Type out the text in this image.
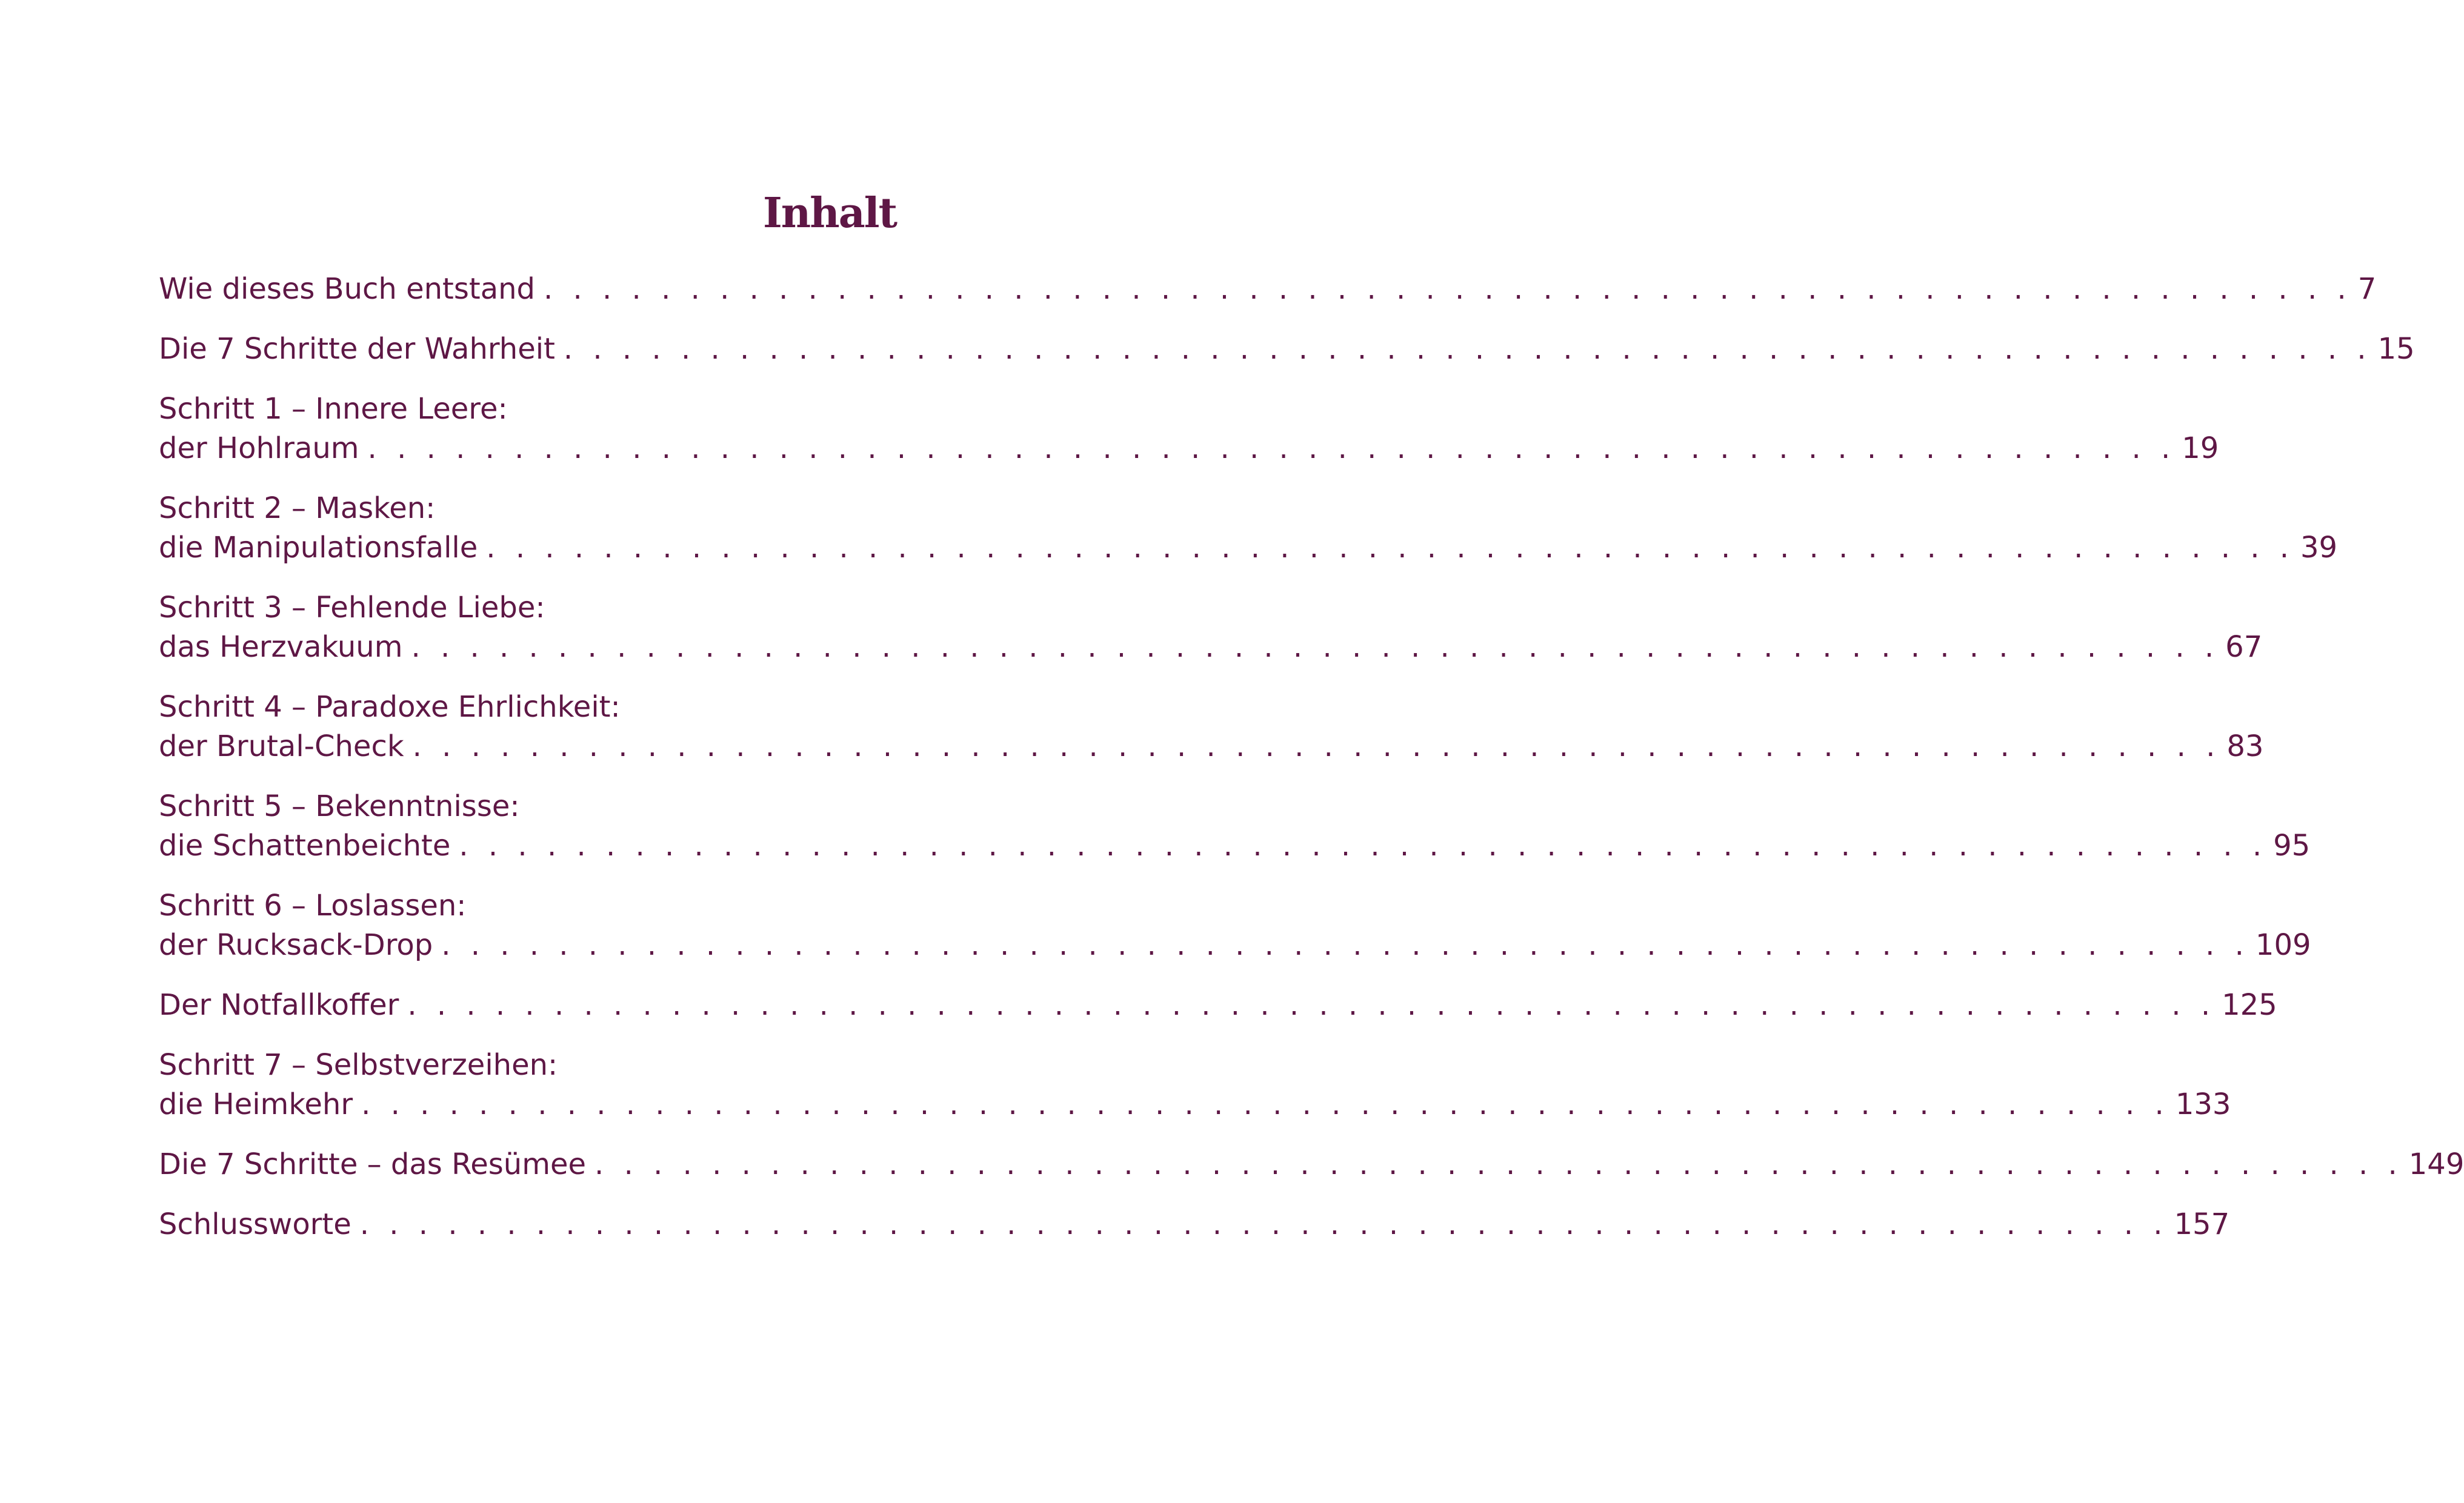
Inhalt
Wie dieses Buch entstand . . . . . . . . . . . . . . . . . . . . . . . . . . . . . . . . . . . . . . . . . . . . . . . . . . . . . . . . . . . . . . 7
Die 7 Schritte der Wahrheit . . . . . . . . . . . . . . . . . . . . . . . . . . . . . . . . . . . . . . . . . . . . . . . . . . . . . . . . . . . . . . 15
Schritt 1 – Innere Leere:
der Hohlraum . . . . . . . . . . . . . . . . . . . . . . . . . . . . . . . . . . . . . . . . . . . . . . . . . . . . . . . . . . . . . . 19
Schritt 2 – Masken:
die Manipulationsfalle . . . . . . . . . . . . . . . . . . . . . . . . . . . . . . . . . . . . . . . . . . . . . . . . . . . . . . . . . . . . . . 39
Schritt 3 – Fehlende Liebe:
das Herzvakuum . . . . . . . . . . . . . . . . . . . . . . . . . . . . . . . . . . . . . . . . . . . . . . . . . . . . . . . . . . . . . . 67
Schritt 4 – Paradoxe Ehrlichkeit:
der Brutal-Check . . . . . . . . . . . . . . . . . . . . . . . . . . . . . . . . . . . . . . . . . . . . . . . . . . . . . . . . . . . . . . 83
Schritt 5 – Bekenntnisse:
die Schattenbeichte . . . . . . . . . . . . . . . . . . . . . . . . . . . . . . . . . . . . . . . . . . . . . . . . . . . . . . . . . . . . . . 95
Schritt 6 – Loslassen:
der Rucksack-Drop . . . . . . . . . . . . . . . . . . . . . . . . . . . . . . . . . . . . . . . . . . . . . . . . . . . . . . . . . . . . . . 109
Der Notfallkoffer . . . . . . . . . . . . . . . . . . . . . . . . . . . . . . . . . . . . . . . . . . . . . . . . . . . . . . . . . . . . . . 125
Schritt 7 – Selbstverzeihen:
die Heimkehr . . . . . . . . . . . . . . . . . . . . . . . . . . . . . . . . . . . . . . . . . . . . . . . . . . . . . . . . . . . . . . 133
Die 7 Schritte – das Resümee . . . . . . . . . . . . . . . . . . . . . . . . . . . . . . . . . . . . . . . . . . . . . . . . . . . . . . . . . . . . . . 149
Schlussworte . . . . . . . . . . . . . . . . . . . . . . . . . . . . . . . . . . . . . . . . . . . . . . . . . . . . . . . . . . . . . . 157
